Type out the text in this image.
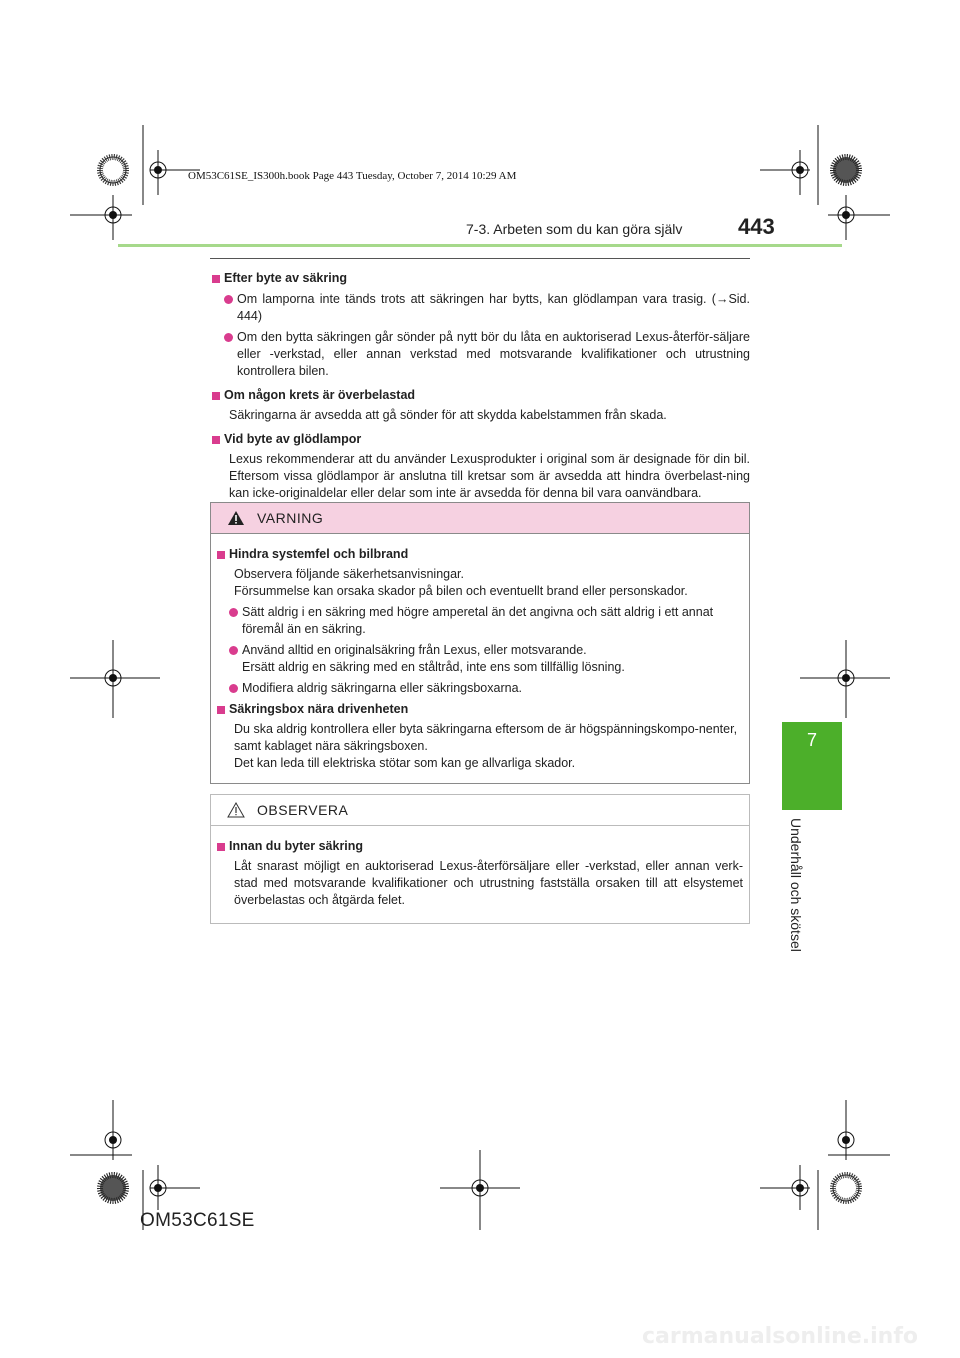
OM53C61SE_IS300h.book Page 443 Tuesday, October 7, 2014 10:29 AM
7-3. Arbeten som du kan göra själv	443
7
Underhåll och skötsel
Efter byte av säkring
Om lamporna inte tänds trots att säkringen har bytts, kan glödlampan vara trasig. (→Sid. 444)
Om den bytta säkringen går sönder på nytt bör du låta en auktoriserad Lexus-återför-säljare eller -verkstad, eller annan verkstad med motsvarande kvalifikationer och utrustning kontrollera bilen.
Om någon krets är överbelastad
Säkringarna är avsedda att gå sönder för att skydda kabelstammen från skada.
Vid byte av glödlampor
Lexus rekommenderar att du använder Lexusprodukter i original som är designade för din bil. Eftersom vissa glödlampor är anslutna till kretsar som är avsedda att hindra överbelast-ning kan icke-originaldelar eller delar som inte är avsedda för denna bil vara oanvändbara.
VARNING
Hindra systemfel och bilbrand
Observera följande säkerhetsanvisningar.
Försummelse kan orsaka skador på bilen och eventuellt brand eller personskador.
Sätt aldrig i en säkring med högre amperetal än det angivna och sätt aldrig i ett annat föremål än en säkring.
Använd alltid en originalsäkring från Lexus, eller motsvarande.
Ersätt aldrig en säkring med en ståltråd, inte ens som tillfällig lösning.
Modifiera aldrig säkringarna eller säkringsboxarna.
Säkringsbox nära drivenheten
Du ska aldrig kontrollera eller byta säkringarna eftersom de är högspänningskompo-nenter, samt kablaget nära säkringsboxen.
Det kan leda till elektriska stötar som kan ge allvarliga skador.
OBSERVERA
Innan du byter säkring
Låt snarast möjligt en auktoriserad Lexus-återförsäljare eller -verkstad, eller annan verk-stad med motsvarande kvalifikationer och utrustning fastställa orsaken till att elsystemet överbelastas och åtgärda felet.
OM53C61SE
carmanualsonline.info
